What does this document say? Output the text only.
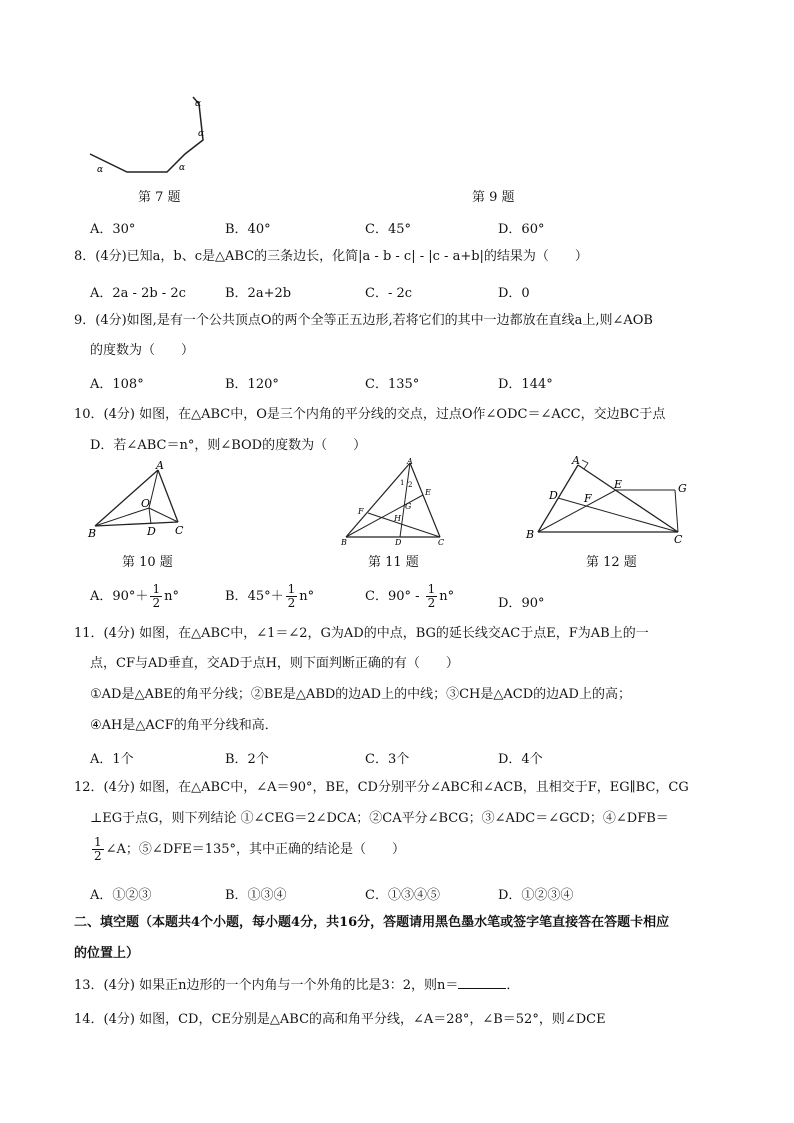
α
α
α
α
第 7 题	第 9 题
A．30°	B．40°	C．45°	D．60°
8．(4分)已知a，b、c是△ABC的三条边长，化简|a - b - c| - |c - a+b|的结果为（　　）
A．2a - 2b - 2c	B．2a+2b	C．- 2c	D．0
9．(4分)如图,是有一个公共顶点O的两个全等正五边形,若将它们的其中一边都放在直线a上,则∠AOB
的度数为（　　）
A．108°	B．120°	C．135°	D．144°
10．(4分) 如图，在△ABC中，O是三个内角的平分线的交点，过点O作∠ODC＝∠ACC，交边BC于点
D．若∠ABC＝n°，则∠BOD的度数为（　　）
A
B	C
D
O
第 10 题
A
B	C
D
E
F
G
H
1 2
第 11 题
A
B	C
D
E
F
G
第 12 题
A．$90^\circ+ \frac{1}{2} n^\circ$	B．$45^\circ+ \frac{1}{2} n^\circ$	C．$90^\circ - \frac{1}{2} n^\circ$	D．90°
11．(4分) 如图，在△ABC中，∠1＝∠2，G为AD的中点，BG的延长线交AC于点E，F为AB上的一
点，CF与AD垂直，交AD于点H，则下面判断正确的有（　　）
①AD是△ABE的角平分线；②BE是△ABD的边AD上的中线；③CH是△ACD的边AD上的高；
④AH是△ACF的角平分线和高．
A．1个	B．2个	C．3个	D．4个
12．(4分) 如图，在△ABC中，∠A＝90°，BE，CD分别平分∠ABC和∠ACB，且相交于F，EG∥BC，CG
⊥EG于点G，则下列结论 ①∠CEG＝2∠DCA；②CA平分∠BCG；③∠ADC＝∠GCD；④∠DFB＝
$\frac{1}{2}$ ∠A；⑤∠DFE＝135°，其中正确的结论是（　　）
A．①②③	B．①③④	C．①③④⑤	D．①②③④
二、填空题（本题共4个小题，每小题4分，共16分，答题请用黑色墨水笔或签字笔直接答在答题卡相应
的位置上）
13．(4分) 如果正n边形的一个内角与一个外角的比是3：2，则n＝	．
14．(4分) 如图，CD，CE分别是△ABC的高和角平分线，∠A＝28°，∠B＝52°，则∠DCE
